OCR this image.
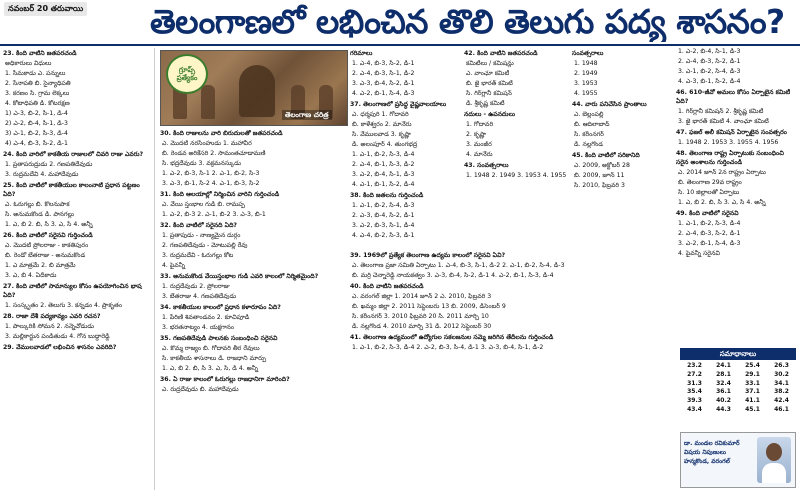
నవంబర్ 20 తరువాయి తెలంగాణలో లభించిన తొలి తెలుగు పద్య శాసనం?

23. కింది వాటిని జతపరచండి

అధికారులు విధులు

1. సీమకాడు ఎ. పన్నులు

2. సేనాపతి బి. సైన్యాధిపతి

3. కరణం సి. గ్రామ లెక్కలు

4. కోటాధిపతి డి. కోటరక్షణ

1) ఎ-3, బి-2, సి-1, డి-4

2) ఎ-2, బి-4, సి-1, డి-3

3) ఎ-1, బి-2, సి-3, డి-4

4) ఎ-4, బి-3, సి-2, డి-1

24. కింది వారిలో కాకతీయ రాజులలో చివరి రాజు ఎవరు?

1. ప్రతాపరుద్రుడు 2. గణపతిదేవుడు

3. రుద్రమదేవి 4. మహాదేవుడు

25. కింది వాటిలో కాకతీయుల కాలంనాటి ప్రధాన పట్టణం ఏది?

ఎ. ఓరుగల్లు బి. కొలనుపాక

సి. అనుమకొండ డి. పానగల్లు

1. ఎ, బి 2. బి, సి 3. ఎ, సి 4. అన్నీ

26. కింది వాటిలో సరైనవి గుర్తించండి

ఎ. మొదటి ప్రోలరాజు - కాకతిపురం

బి. రెండో బేతరాజు - అనుమకొండ

1. ఎ మాత్రమే 2. బి మాత్రమే

3. ఎ, బి 4. ఏదీకాదు

27. కింది వాటిలో సామాన్యుల కోసం ఉపయోగించిన భాష ఏది?

1. సంస్కృతం 2. తెలుగు 3. కన్నడం 4. ప్రాకృతం

28. రాజా దేశీ పద్యకావ్యం ఎవరి రచన?

1. పాల్కురికి సోమన 2. నన్నెచోడుడు

3. మల్లికార్జున పండితుడు 4. గోన బుద్ధారెడ్డి

29. వేములవాడలో లభించిన శాసనం ఎవరిది?

గ్రూప్స్ ప్రత్యేకం
తెలంగాణ చరిత్ర

30. కింది రాజులను వారి బిరుదులతో జతపరచండి

ఎ. మొదటి నరసింహుడు 1. మహావీర

బి. రెండవ అరికేసరి 2. సామంతచూడామణి

సి. భద్రదేవుడు 3. వక్రమనస్కుడు

1. ఎ-2, బి-3, సి-1 2. ఎ-1, బి-2, సి-3

3. ఎ-3, బి-1, సి-2 4. ఎ-1, బి-3, సి-2

31. కింది ఆలయాల్లో నిర్మించిన వారిని గుర్తించండి

ఎ. వేయి స్తంభాల గుడి బి. రామప్ప

1. ఎ-2, బి-3 2. ఎ-1, బి-2 3. ఎ-3, బి-1

32. కింది వాటిలో సరైనది ఏది?

1. ప్రతాపుడు - నాణ్యమైన దుర్గం

2. గణపతిదేవుడు - మోటుపల్లి రేవు

3. రుద్రమదేవి - ఓరుగల్లు కోట

4. పైవన్నీ

33. అనుమకొండ వేయిస్తంభాల గుడి ఎవరి కాలంలో నిర్మితమైంది?

1. రుద్రదేవుడు 2. ప్రోలరాజు

3. బేతరాజు 4. గణపతిదేవుడు

34. కాకతీయుల కాలంలో ప్రధాన కళారూపం ఏది?

1. పేరిణి శివతాండవం 2. కూచిపూడి

3. భరతనాట్యం 4. యక్షగానం

35. గణపతిదేవుడి పాలనకు సంబంధించి సరైనవి

ఎ. కొమ్మ రాజ్యం బి. గోదావరి తీర రేవులు

సి. కాకతీయ శాసనాలు డి. రాజధాని మార్పు

1. ఎ, బి 2. బి, సి 3. ఎ, సి, డి 4. అన్నీ

36. ఏ రాజు కాలంలో ఓరుగల్లు రాజధానిగా మారింది?

ఎ. రుద్రదేవుడు బి. మహాదేవుడు

గరిమాలు

1. ఎ-4, బి-3, సి-2, డి-1

2. ఎ-4, బి-3, సి-1, డి-2

3. ఎ-3, బి-4, సి-2, డి-1

4. ఎ-2, బి-1, సి-4, డి-3

37. తెలంగాణలో ప్రసిద్ధ వైష్ణవాలయాలు

ఎ. ధర్మపురి 1. గోదావరి

బి. కాళేశ్వరం 2. మానేరు

సి. వేములవాడ 3. కృష్ణా

డి. అలంపూర్ 4. తుంగభద్ర

1. ఎ-1, బి-2, సి-3, డి-4

2. ఎ-4, బి-1, సి-3, డి-2

3. ఎ-2, బి-4, సి-1, డి-3

4. ఎ-1, బి-1, సి-2, డి-4

38. కింది జతలను గుర్తించండి

1. ఎ-1, బి-2, సి-4, డి-3

2. ఎ-3, బి-4, సి-2, డి-1

3. ఎ-2, బి-3, సి-1, డి-4

4. ఎ-4, బి-2, సి-3, డి-1

42. కింది వాటిని జతపరచండి

కమిటీలు / కమిషన్లు

ఎ. వాంఛూ కమిటీ

బి. జై భారత్ కమిటీ

సి. గిర్‌గ్లానీ కమిషన్

డి. శ్రీకృష్ణ కమిటీ

నదులు - ఉపనదులు

1. గోదావరి

2. కృష్ణా

3. మంజీర

4. మానేరు

43. సంవత్సరాలు

1. 1948 2. 1949 3. 1953 4. 1955

సంవత్సరాలు

1. 1948

2. 1949

3. 1953

4. 1955

44. వారు పనిచేసిన ప్రాంతాలు

ఎ. బెల్లంపల్లి

బి. ఆదిలాబాద్

సి. కరీంనగర్

డి. నల్లగొండ

45. కింది వాటిలో సరికానిది

ఎ. 2009, అక్టోబర్ 28

బి. 2009, జూన్ 11

సి. 2010, ఫిబ్రవరి 3

39. 1969లో ప్రత్యేక తెలంగాణ ఉద్యమ కాలంలో సరైనవి ఏవి?

ఎ. తెలంగాణ ప్రజా సమితి ఏర్పాటు 1. ఎ-4, బి-3, సి-1, డి-2 2. ఎ-1, బి-2, సి-4, డి-3

బి. మర్రి చెన్నారెడ్డి నాయకత్వం 3. ఎ-3, బి-4, సి-2, డి-1 4. ఎ-2, బి-1, సి-3, డి-4

40. కింది వాటిని జతపరచండి

ఎ. వరంగల్ జిల్లా 1. 2014 జూన్ 2 ఎ. 2010, ఫిబ్రవరి 3

బి. ఖమ్మం జిల్లా 2. 2011 సెప్టెంబరు 13 బి. 2009, డిసెంబర్ 9

సి. కరీంనగర్ 3. 2010 ఫిబ్రవరి 20 సి. 2011 మార్చి 10

డి. నల్లగొండ 4. 2010 మార్చి 31 డి. 2012 సెప్టెంబర్ 30

41. తెలంగాణ ఉద్యమంలో ఉద్యోగుల సకలజనుల సమ్మె జరిగిన తేదీలను గుర్తించండి

1. ఎ-1, బి-2, సి-3, డి-4 2. ఎ-2, బి-3, సి-4, డి-1 3. ఎ-3, బి-4, సి-1, డి-2

1. ఎ-2, బి-4, సి-1, డి-3

2. ఎ-4, బి-3, సి-2, డి-1

3. ఎ-1, బి-2, సి-4, డి-3

4. ఎ-3, బి-1, సి-2, డి-4

46. 610-జీవో అమలు కోసం ఏర్పాటైన కమిటీ ఏది?

1. గిర్‌గ్లానీ కమిషన్ 2. శ్రీకృష్ణ కమిటీ

3. జై భారత్ కమిటీ 4. వాంఛూ కమిటీ

47. ఫజల్ అలీ కమిషన్ ఏర్పాటైన సంవత్సరం

1. 1948 2. 1953 3. 1955 4. 1956

48. తెలంగాణ రాష్ట్ర ఏర్పాటుకు సంబంధించి సరైన అంశాలను గుర్తించండి

ఎ. 2014 జూన్ 2న రాష్ట్రం ఏర్పాటు

బి. తెలంగాణ 29వ రాష్ట్రం

సి. 10 జిల్లాలతో ఏర్పాటు

1. ఎ, బి 2. బి, సి 3. ఎ, సి 4. అన్నీ

49. కింది వాటిలో సరైనవి

1. ఎ-1, బి-2, సి-3, డి-4

2. ఎ-4, బి-3, సి-2, డి-1

3. ఎ-2, బి-1, సి-4, డి-3

4. పైవన్నీ సరైనవి

సమాధానాలు
23.2	24.1	25.4	26.3
27.2	28.1	29.1	30.2
31.3	32.4	33.1	34.1
35.4	36.1	37.1	38.2
39.3	40.2	41.1	42.4
43.4	44.3	45.1	46.1
డా. మండల రవికుమార్
విషయ నిపుణులు
హన్మకొండ, వరంగల్
